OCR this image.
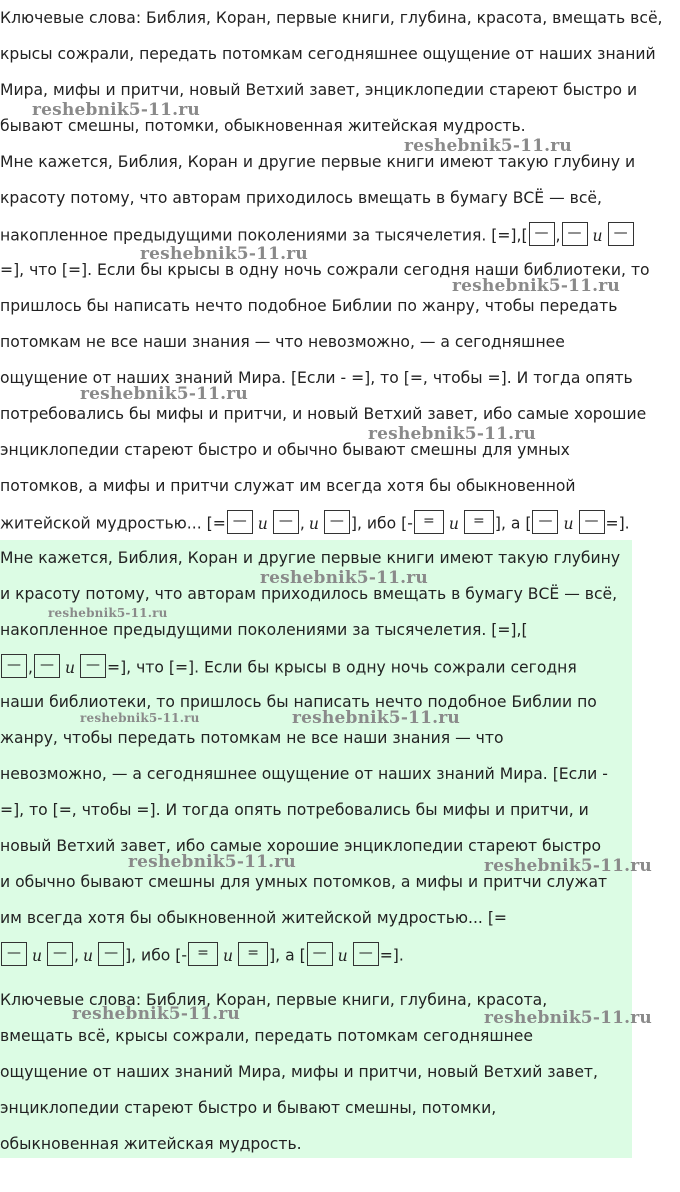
Ключевые слова: Библия, Коран, первые книги, глубина, красота, вмещать всё,
крысы сожрали, передать потомкам сегодняшнее ощущение от наших знаний
Мира, мифы и притчи, новый Ветхий завет, энциклопедии стареют быстро и
бывают смешны, потомки, обыкновенная житейская мудрость.
Мне кажется, Библия, Коран и другие первые книги имеют такую глубину и
красоту потому, что авторам приходилось вмещать в бумагу ВСЁ — всё,
накопленное предыдущими поколениями за тысячелетия. [=],[ — , — и —
=], что [=]. Если бы крысы в одну ночь сожрали сегодня наши библиотеки, то
пришлось бы написать нечто подобное Библии по жанру, чтобы передать
потомкам не все наши знания — что невозможно, — а сегодняшнее
ощущение от наших знаний Мира. [Если - =], то [=, чтобы =]. И тогда опять
потребовались бы мифы и притчи, и новый Ветхий завет, ибо самые хорошие
энциклопедии стареют быстро и обычно бывают смешны для умных
потомков, а мифы и притчи служат им всегда хотя бы обыкновенной
житейской мудростью... [= — и — , и — ], ибо [- = и = ], а [ — и — =].
Мне кажется, Библия, Коран и другие первые книги имеют такую глубину
и красоту потому, что авторам приходилось вмещать в бумагу ВСЁ — всё,
накопленное предыдущими поколениями за тысячелетия. [=],[
— , — и — =], что [=]. Если бы крысы в одну ночь сожрали сегодня
наши библиотеки, то пришлось бы написать нечто подобное Библии по
жанру, чтобы передать потомкам не все наши знания — что
невозможно, — а сегодняшнее ощущение от наших знаний Мира. [Если -
=], то [=, чтобы =]. И тогда опять потребовались бы мифы и притчи, и
новый Ветхий завет, ибо самые хорошие энциклопедии стареют быстро
и обычно бывают смешны для умных потомков, а мифы и притчи служат
им всегда хотя бы обыкновенной житейской мудростью... [=
— и — , и — ], ибо [- = и = ], а [ — и — =].
Ключевые слова: Библия, Коран, первые книги, глубина, красота,
вмещать всё, крысы сожрали, передать потомкам сегодняшнее
ощущение от наших знаний Мира, мифы и притчи, новый Ветхий завет,
энциклопедии стареют быстро и бывают смешны, потомки,
обыкновенная житейская мудрость.
reshebnik5-11.ru
reshebnik5-11.ru
reshebnik5-11.ru
reshebnik5-11.ru
reshebnik5-11.ru
reshebnik5-11.ru
reshebnik5-11.ru
reshebnik5-11.ru
reshebnik5-11.ru	reshebnik5-11.ru
reshebnik5-11.ru	reshebnik5-11.ru
reshebnik5-11.ru	reshebnik5-11.ru
